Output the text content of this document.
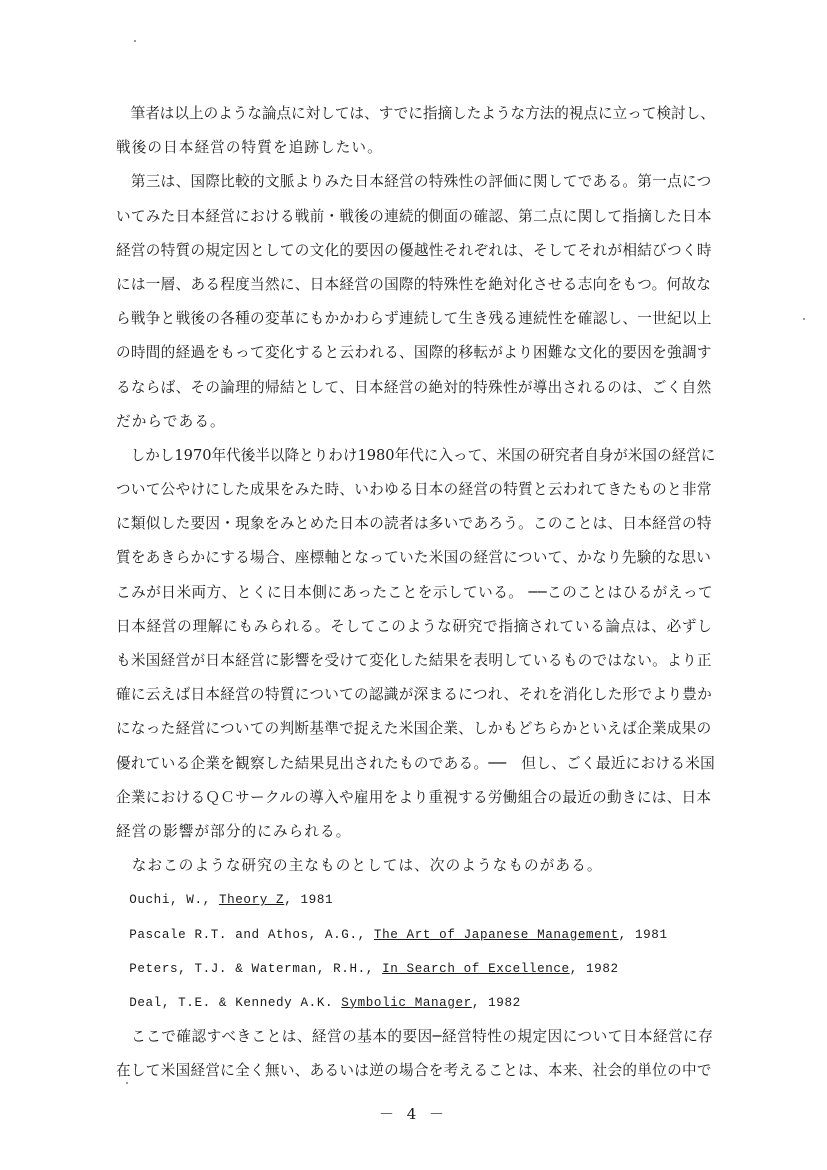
　筆者は以上のような論点に対しては、すでに指摘したような方法的視点に立って検討し、
戦後の日本経営の特質を追跡したい。
　第三は、国際比較的文脈よりみた日本経営の特殊性の評価に関してである。第一点につ
いてみた日本経営における戦前・戦後の連続的側面の確認、第二点に関して指摘した日本
経営の特質の規定因としての文化的要因の優越性それぞれは、そしてそれが相結びつく時
には一層、ある程度当然に、日本経営の国際的特殊性を絶対化させる志向をもつ。何故な
ら戦争と戦後の各種の変革にもかかわらず連続して生き残る連続性を確認し、一世紀以上
の時間的経過をもって変化すると云われる、国際的移転がより困難な文化的要因を強調す
るならば、その論理的帰結として、日本経営の絶対的特殊性が導出されるのは、ごく自然
だからである。
　しかし1970年代後半以降とりわけ1980年代に入って、米国の研究者自身が米国の経営に
ついて公やけにした成果をみた時、いわゆる日本の経営の特質と云われてきたものと非常
に類似した要因・現象をみとめた日本の読者は多いであろう。このことは、日本経営の特
質をあきらかにする場合、座標軸となっていた米国の経営について、かなり先験的な思い
こみが日米両方、とくに日本側にあったことを示している。 ──このことはひるがえって
日本経営の理解にもみられる。そしてこのような研究で指摘されている論点は、必ずし
も米国経営が日本経営に影響を受けて変化した結果を表明しているものではない。より正
確に云えば日本経営の特質についての認識が深まるにつれ、それを消化した形でより豊か
になった経営についての判断基準で捉えた米国企業、しかもどちらかといえば企業成果の
優れている企業を観察した結果見出されたものである。──　但し、ごく最近における米国
企業におけるＱＣサークルの導入や雇用をより重視する労働組合の最近の動きには、日本
経営の影響が部分的にみられる。
　なおこのような研究の主なものとしては、次のようなものがある。
　Ouchi, W., Theory Z, 1981
　Pascale R.T. and Athos, A.G., The Art of Japanese Management, 1981
　Peters, T.J. & Waterman, R.H., In Search of Excellence, 1982
　Deal, T.E. & Kennedy A.K. Symbolic Manager, 1982
　ここで確認すべきことは、経営の基本的要因─経営特性の規定因について日本経営に存
在して米国経営に全く無い、あるいは逆の場合を考えることは、本来、社会的単位の中で
－ 4 －
